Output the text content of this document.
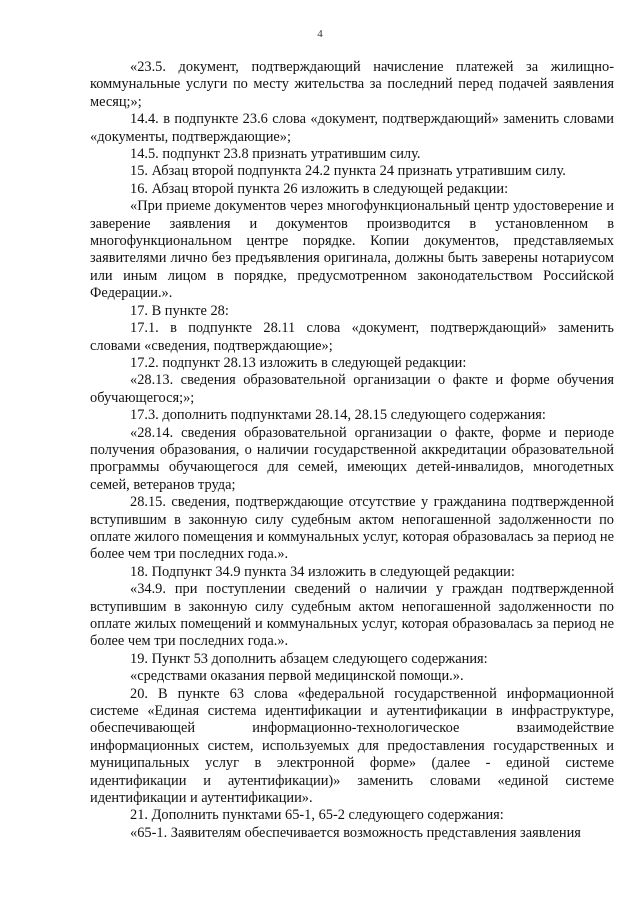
4

«23.5. документ, подтверждающий начисление платежей за жилищно-коммунальные услуги по месту жительства за последний перед подачей заявления месяц;»;

14.4. в подпункте 23.6 слова «документ, подтверждающий» заменить словами «документы, подтверждающие»;

14.5. подпункт 23.8 признать утратившим силу.

15. Абзац второй подпункта 24.2 пункта 24 признать утратившим силу.

16. Абзац второй пункта 26 изложить в следующей редакции:

«При приеме документов через многофункциональный центр удостоверение и заверение заявления и документов производится в установленном в многофункциональном центре порядке. Копии документов, представляемых заявителями лично без предъявления оригинала, должны быть заверены нотариусом или иным лицом в порядке, предусмотренном законодательством Российской Федерации.».

17. В пункте 28:

17.1. в подпункте 28.11 слова «документ, подтверждающий» заменить словами «сведения, подтверждающие»;

17.2. подпункт 28.13 изложить в следующей редакции:

«28.13. сведения образовательной организации о факте и форме обучения обучающегося;»;

17.3. дополнить подпунктами 28.14, 28.15 следующего содержания:

«28.14. сведения образовательной организации о факте, форме и периоде получения образования, о наличии государственной аккредитации образовательной программы обучающегося для семей, имеющих детей-инвалидов, многодетных семей, ветеранов труда;

28.15. сведения, подтверждающие отсутствие у гражданина подтвержденной вступившим в законную силу судебным актом непогашенной задолженности по оплате жилого помещения и коммунальных услуг, которая образовалась за период не более чем три последних года.».

18. Подпункт 34.9 пункта 34 изложить в следующей редакции:

«34.9. при поступлении сведений о наличии у граждан подтвержденной вступившим в законную силу судебным актом непогашенной задолженности по оплате жилых помещений и коммунальных услуг, которая образовалась за период не более чем три последних года.».

19. Пункт 53 дополнить абзацем следующего содержания:

«средствами оказания первой медицинской помощи.».

20. В пункте 63 слова «федеральной государственной информационной системе «Единая система идентификации и аутентификации в инфраструктуре, обеспечивающей информационно-технологическое взаимодействие информационных систем, используемых для предоставления государственных и муниципальных услуг в электронной форме» (далее - единой системе идентификации и аутентификации)» заменить словами «единой системе идентификации и аутентификации».

21. Дополнить пунктами 65-1, 65-2 следующего содержания:

«65-1. Заявителям обеспечивается возможность представления заявления
